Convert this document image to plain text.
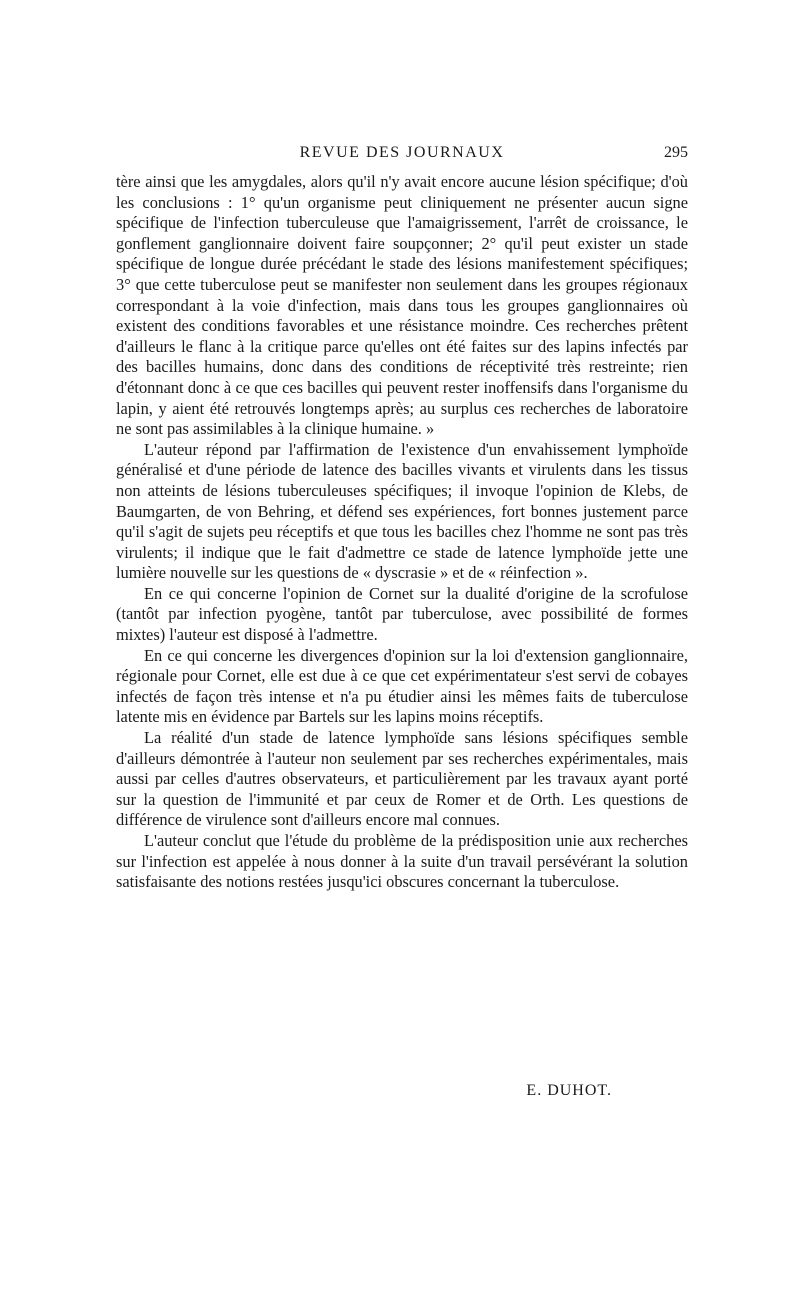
REVUE DES JOURNAUX	295

tère ainsi que les amygdales, alors qu'il n'y avait encore aucune lésion spécifique; d'où les conclusions : 1° qu'un organisme peut cliniquement ne présenter aucun signe spécifique de l'infection tuberculeuse que l'amaigrissement, l'arrêt de croissance, le gonflement ganglionnaire doivent faire soupçonner; 2° qu'il peut exister un stade spécifique de longue durée précédant le stade des lésions manifestement spécifiques; 3° que cette tuberculose peut se manifester non seulement dans les groupes régionaux correspondant à la voie d'infection, mais dans tous les groupes ganglionnaires où existent des conditions favorables et une résistance moindre. Ces recherches prêtent d'ailleurs le flanc à la critique parce qu'elles ont été faites sur des lapins infectés par des bacilles humains, donc dans des conditions de réceptivité très restreinte; rien d'étonnant donc à ce que ces bacilles qui peuvent rester inoffensifs dans l'organisme du lapin, y aient été retrouvés longtemps après; au surplus ces recherches de laboratoire ne sont pas assimilables à la clinique humaine. »

L'auteur répond par l'affirmation de l'existence d'un envahissement lymphoïde généralisé et d'une période de latence des bacilles vivants et virulents dans les tissus non atteints de lésions tuberculeuses spécifiques; il invoque l'opinion de Klebs, de Baumgarten, de von Behring, et défend ses expériences, fort bonnes justement parce qu'il s'agit de sujets peu réceptifs et que tous les bacilles chez l'homme ne sont pas très virulents; il indique que le fait d'admettre ce stade de latence lymphoïde jette une lumière nouvelle sur les questions de « dyscrasie » et de « réinfection ».

En ce qui concerne l'opinion de Cornet sur la dualité d'origine de la scrofulose (tantôt par infection pyogène, tantôt par tuberculose, avec possibilité de formes mixtes) l'auteur est disposé à l'admettre.

En ce qui concerne les divergences d'opinion sur la loi d'extension ganglionnaire, régionale pour Cornet, elle est due à ce que cet expérimentateur s'est servi de cobayes infectés de façon très intense et n'a pu étudier ainsi les mêmes faits de tuberculose latente mis en évidence par Bartels sur les lapins moins réceptifs.

La réalité d'un stade de latence lymphoïde sans lésions spécifiques semble d'ailleurs démontrée à l'auteur non seulement par ses recherches expérimentales, mais aussi par celles d'autres observateurs, et particulièrement par les travaux ayant porté sur la question de l'immunité et par ceux de Romer et de Orth. Les questions de différence de virulence sont d'ailleurs encore mal connues.

L'auteur conclut que l'étude du problème de la prédisposition unie aux recherches sur l'infection est appelée à nous donner à la suite d'un travail persévérant la solution satisfaisante des notions restées jusqu'ici obscures concernant la tuberculose.

E. DUHOT.
